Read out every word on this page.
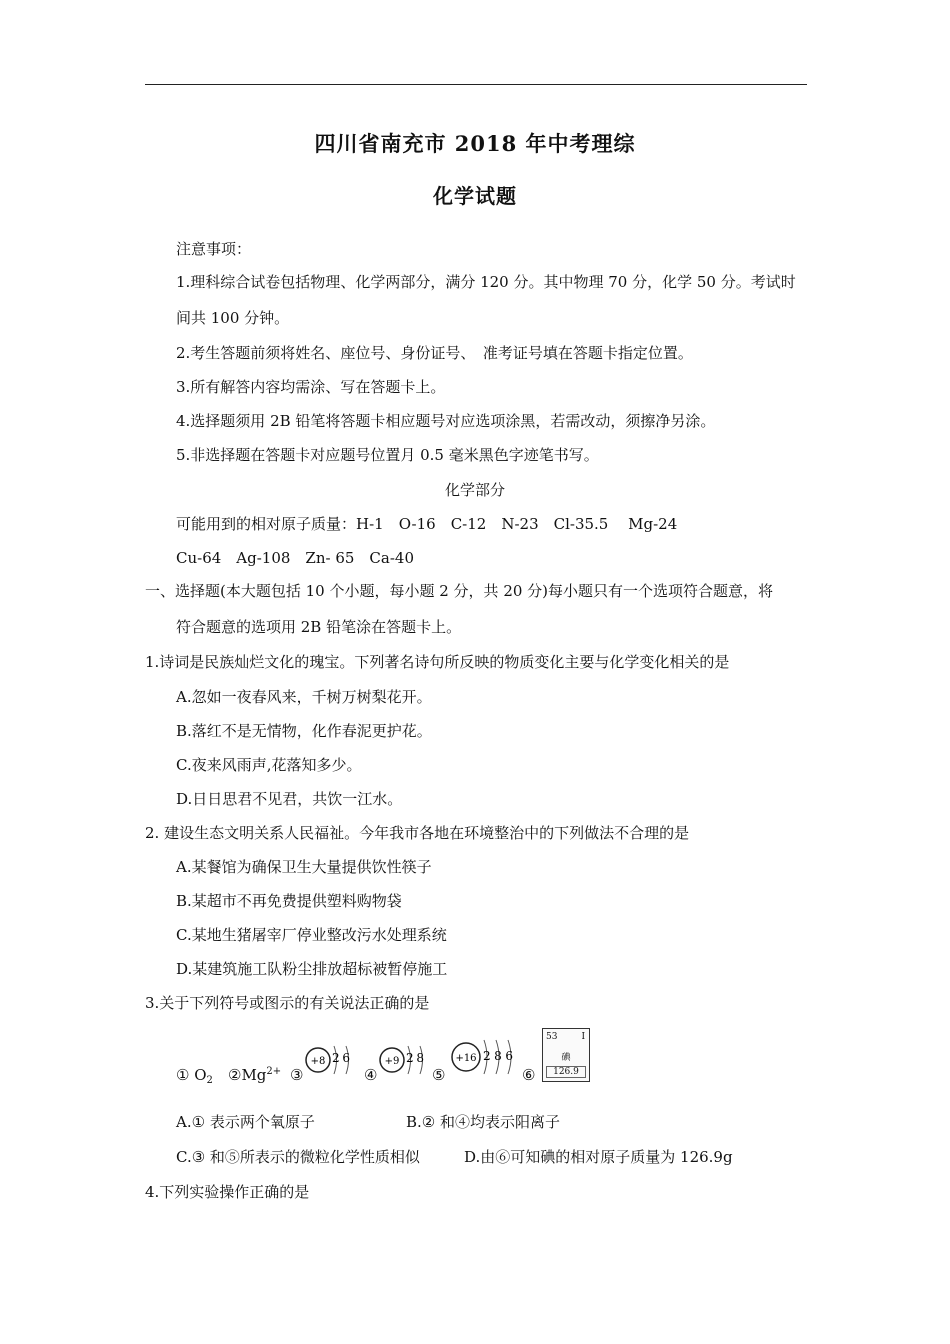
四川省南充市 2018 年中考理综
化学试题
注意事项：
1.理科综合试卷包括物理、化学两部分，满分 120 分。其中物理 70 分，化学 50 分。考试时
间共 100 分钟。
2.考生答题前须将姓名、座位号、身份证号、　准考证号填在答题卡指定位置。
3.所有解答内容均需涂、写在答题卡上。
4.选择题须用 2B 铅笔将答题卡相应题号对应选项涂黑，若需改动，须擦净另涂。
5.非选择题在答题卡对应题号位置月 0.5 毫米黑色字迹笔书写。
化学部分
可能用到的相对原子质量：H-1　O-16　C-12　N-23　Cl-35.5　 Mg-24
Cu-64　Ag-108　Zn- 65　Ca-40
一、选择题(本大题包括 10 个小题，每小题 2 分，共 20 分)每小题只有一个选项符合题意，将
符合题意的选项用 2B 铅笔涂在答题卡上。
1.诗词是民族灿烂文化的瑰宝。下列著名诗句所反映的物质变化主要与化学变化相关的是
A.忽如一夜春风来，千树万树梨花开。
B.落红不是无情物，化作春泥更护花。
C.夜来风雨声,花落知多少。
D.日日思君不见君，共饮一江水。
2. 建设生态文明关系人民福祉。今年我市各地在环境整治中的下列做法不合理的是
A.某餐馆为确保卫生大量提供饮性筷子
B.某超市不再免费提供塑料购物袋
C.某地生猪屠宰厂停业整改污水处理系统
D.某建筑施工队粉尘排放超标被暂停施工
3.关于下列符号或图示的有关说法正确的是
① $O_2$ $②Mg^{2+}$ ③	④	⑤	⑥
+8 2 6	+9 2 8	+16 2 8 6
53	I
碘
126.9
A.① 表示两个氧原子	B.② 和④均表示阳离子
C.③ 和⑤所表示的微粒化学性质相似	D.由⑥可知碘的相对原子质量为 126.9g
4.下列实验操作正确的是
